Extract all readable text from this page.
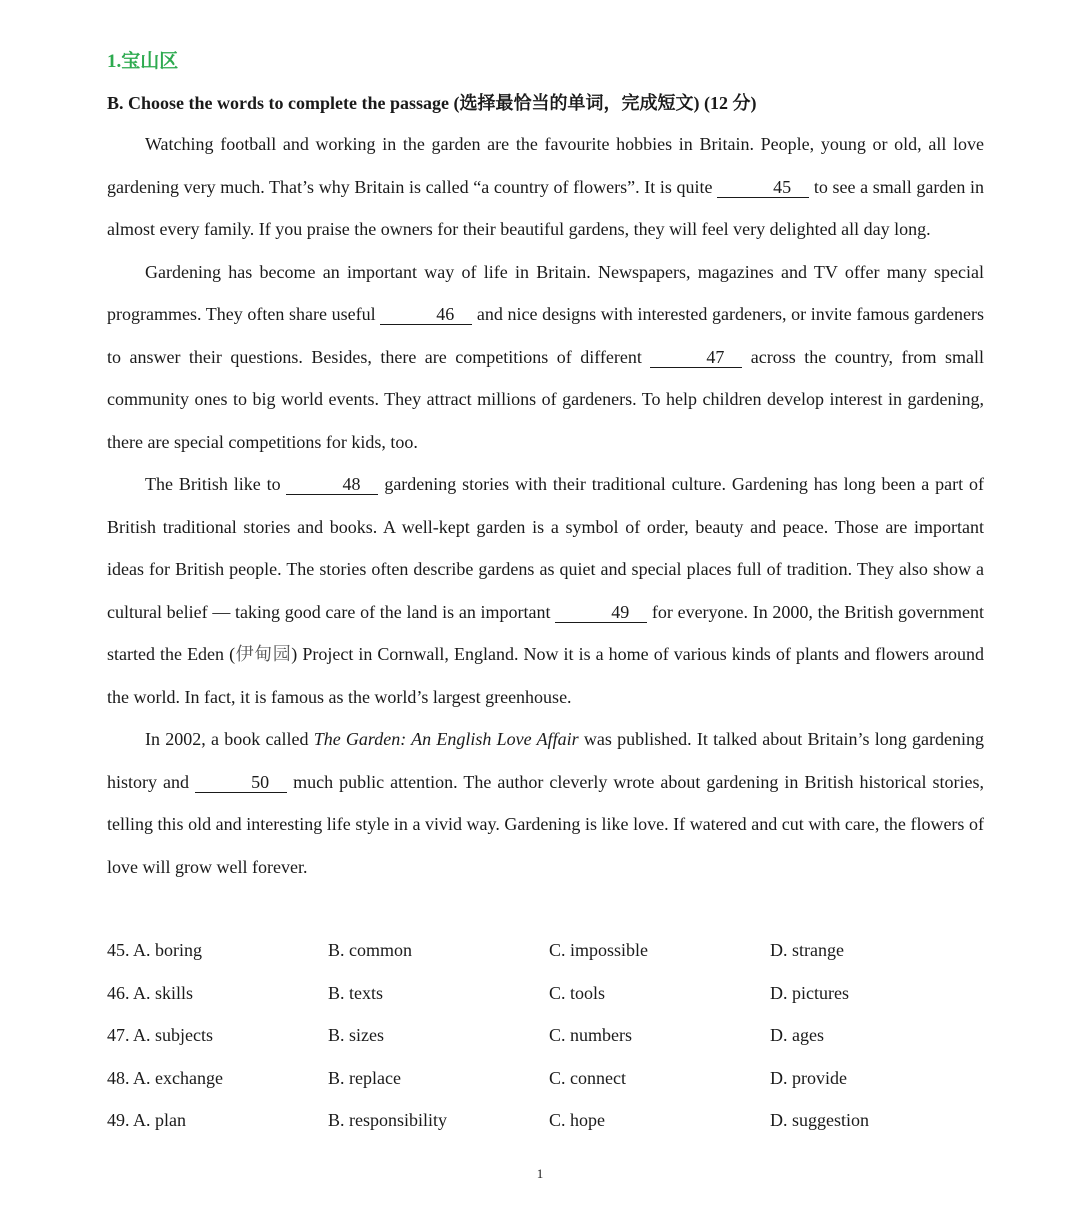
1.宝山区
B. Choose the words to complete the passage (选择最恰当的单词，完成短文) (12 分)

Watching football and working in the garden are the favourite hobbies in Britain. People, young or old, all love gardening very much. That’s why Britain is called “a country of flowers”. It is quite	45 to see a small garden in almost every family. If you praise the owners for their beautiful gardens, they will feel very delighted all day long.

Gardening has become an important way of life in Britain. Newspapers, magazines and TV offer many special programmes. They often share useful	46 and nice designs with interested gardeners, or invite famous gardeners to answer their questions. Besides, there are competitions of different	47 across the country, from small community ones to big world events. They attract millions of gardeners. To help children develop interest in gardening, there are special competitions for kids, too.

The British like to	48 gardening stories with their traditional culture. Gardening has long been a part of British traditional stories and books. A well-kept garden is a symbol of order, beauty and peace. Those are important ideas for British people. The stories often describe gardens as quiet and special places full of tradition. They also show a cultural belief — taking good care of the land is an important	49 for everyone. In 2000, the British government started the Eden (伊甸园) Project in Cornwall, England. Now it is a home of various kinds of plants and flowers around the world. In fact, it is famous as the world’s largest greenhouse.

In 2002, a book called The Garden: An English Love Affair was published. It talked about Britain’s long gardening history and	50 much public attention. The author cleverly wrote about gardening in British historical stories, telling this old and interesting life style in a vivid way. Gardening is like love. If watered and cut with care, the flowers of love will grow well forever.

45. A. boring	B. common	C. impossible	D. strange
46. A. skills	B. texts	C. tools	D. pictures
47. A. subjects	B. sizes	C. numbers	D. ages
48. A. exchange	B. replace	C. connect	D. provide
49. A. plan	B. responsibility	C. hope	D. suggestion
1
